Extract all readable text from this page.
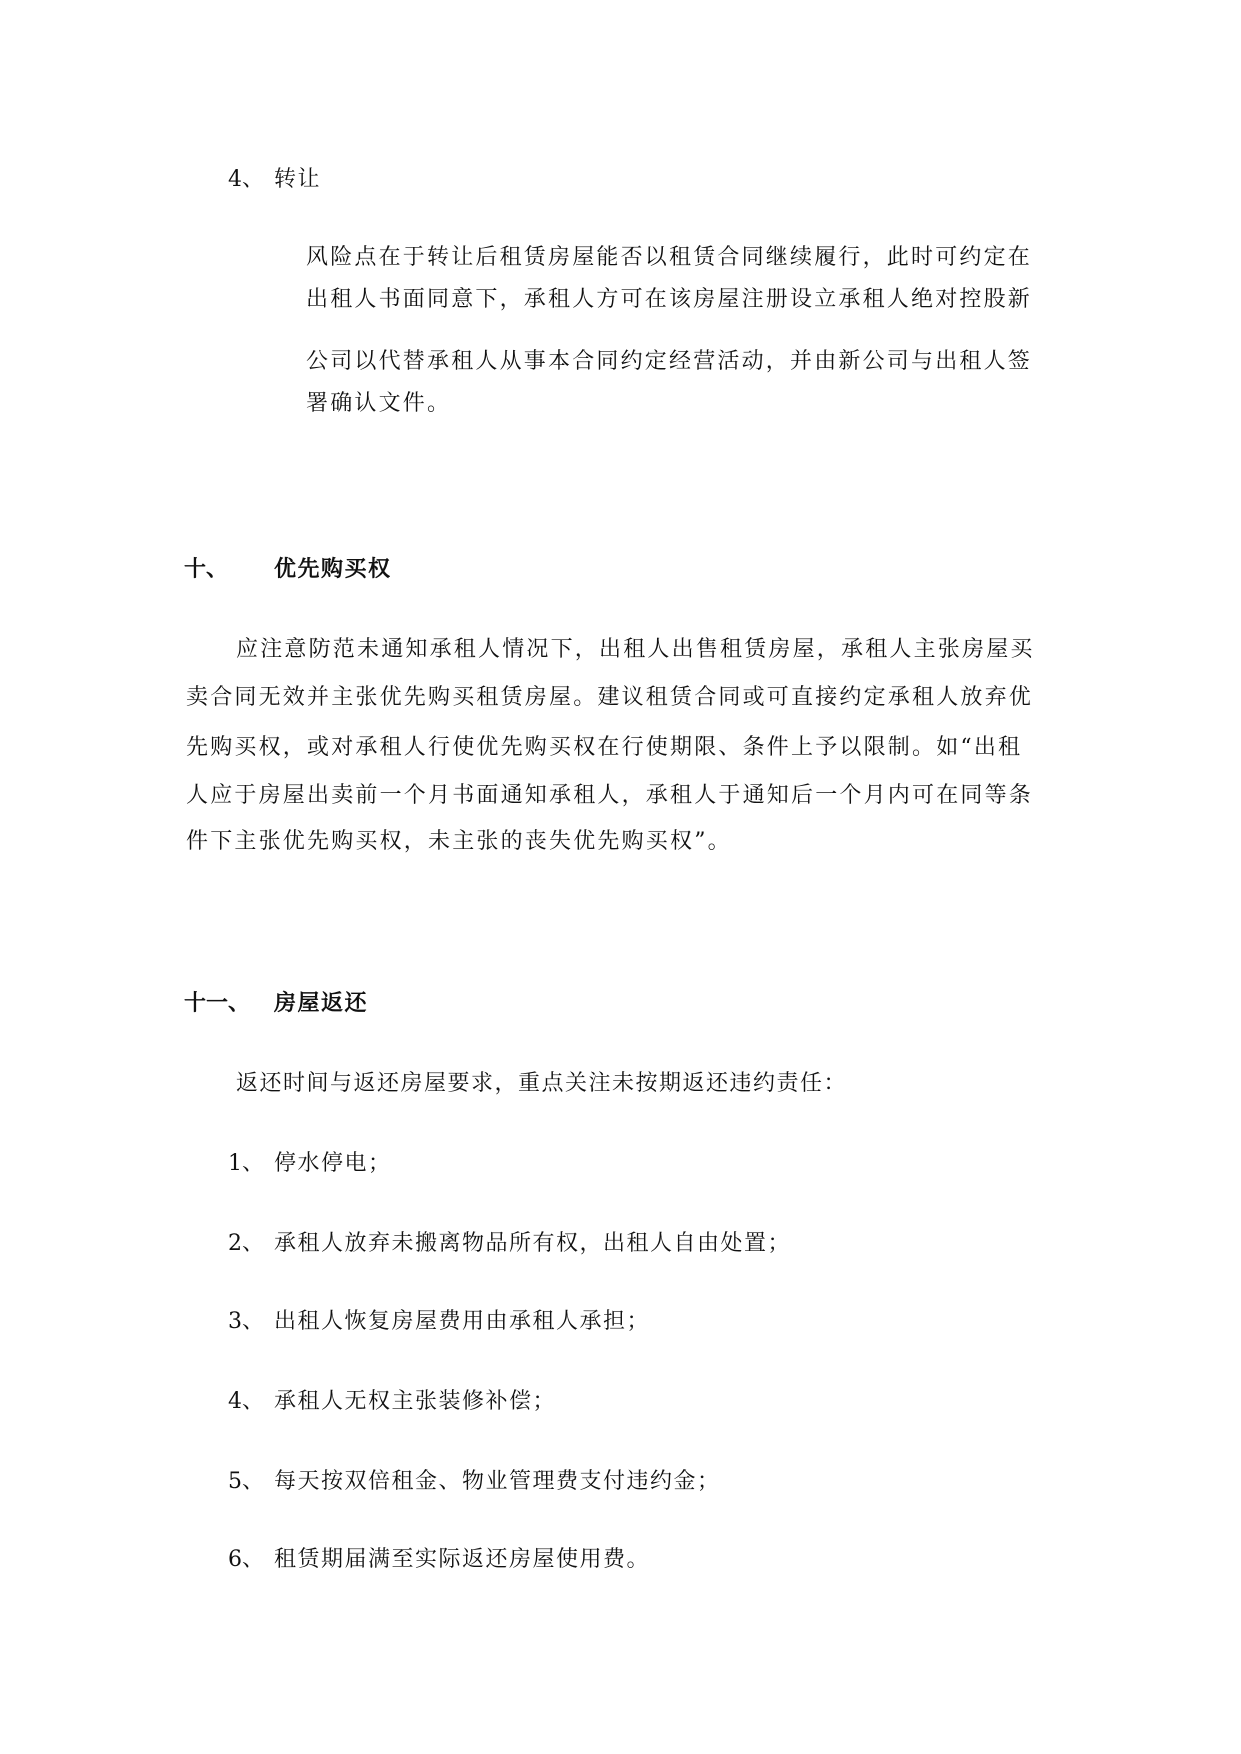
4、 转让
风险点在于转让后租赁房屋能否以租赁合同继续履行，此时可约定在
出租人书面同意下，承租人方可在该房屋注册设立承租人绝对控股新
公司以代替承租人从事本合同约定经营活动，并由新公司与出租人签
署确认文件。
十、 优先购买权
应注意防范未通知承租人情况下，出租人出售租赁房屋，承租人主张房屋买
卖合同无效并主张优先购买租赁房屋。建议租赁合同或可直接约定承租人放弃优
先购买权，或对承租人行使优先购买权在行使期限、条件上予以限制。如“出租
人应于房屋出卖前一个月书面通知承租人，承租人于通知后一个月内可在同等条
件下主张优先购买权，未主张的丧失优先购买权”。
十一、 房屋返还
返还时间与返还房屋要求，重点关注未按期返还违约责任：
1、 停水停电；
2、 承租人放弃未搬离物品所有权，出租人自由处置；
3、 出租人恢复房屋费用由承租人承担；
4、 承租人无权主张装修补偿；
5、 每天按双倍租金、物业管理费支付违约金；
6、 租赁期届满至实际返还房屋使用费。
